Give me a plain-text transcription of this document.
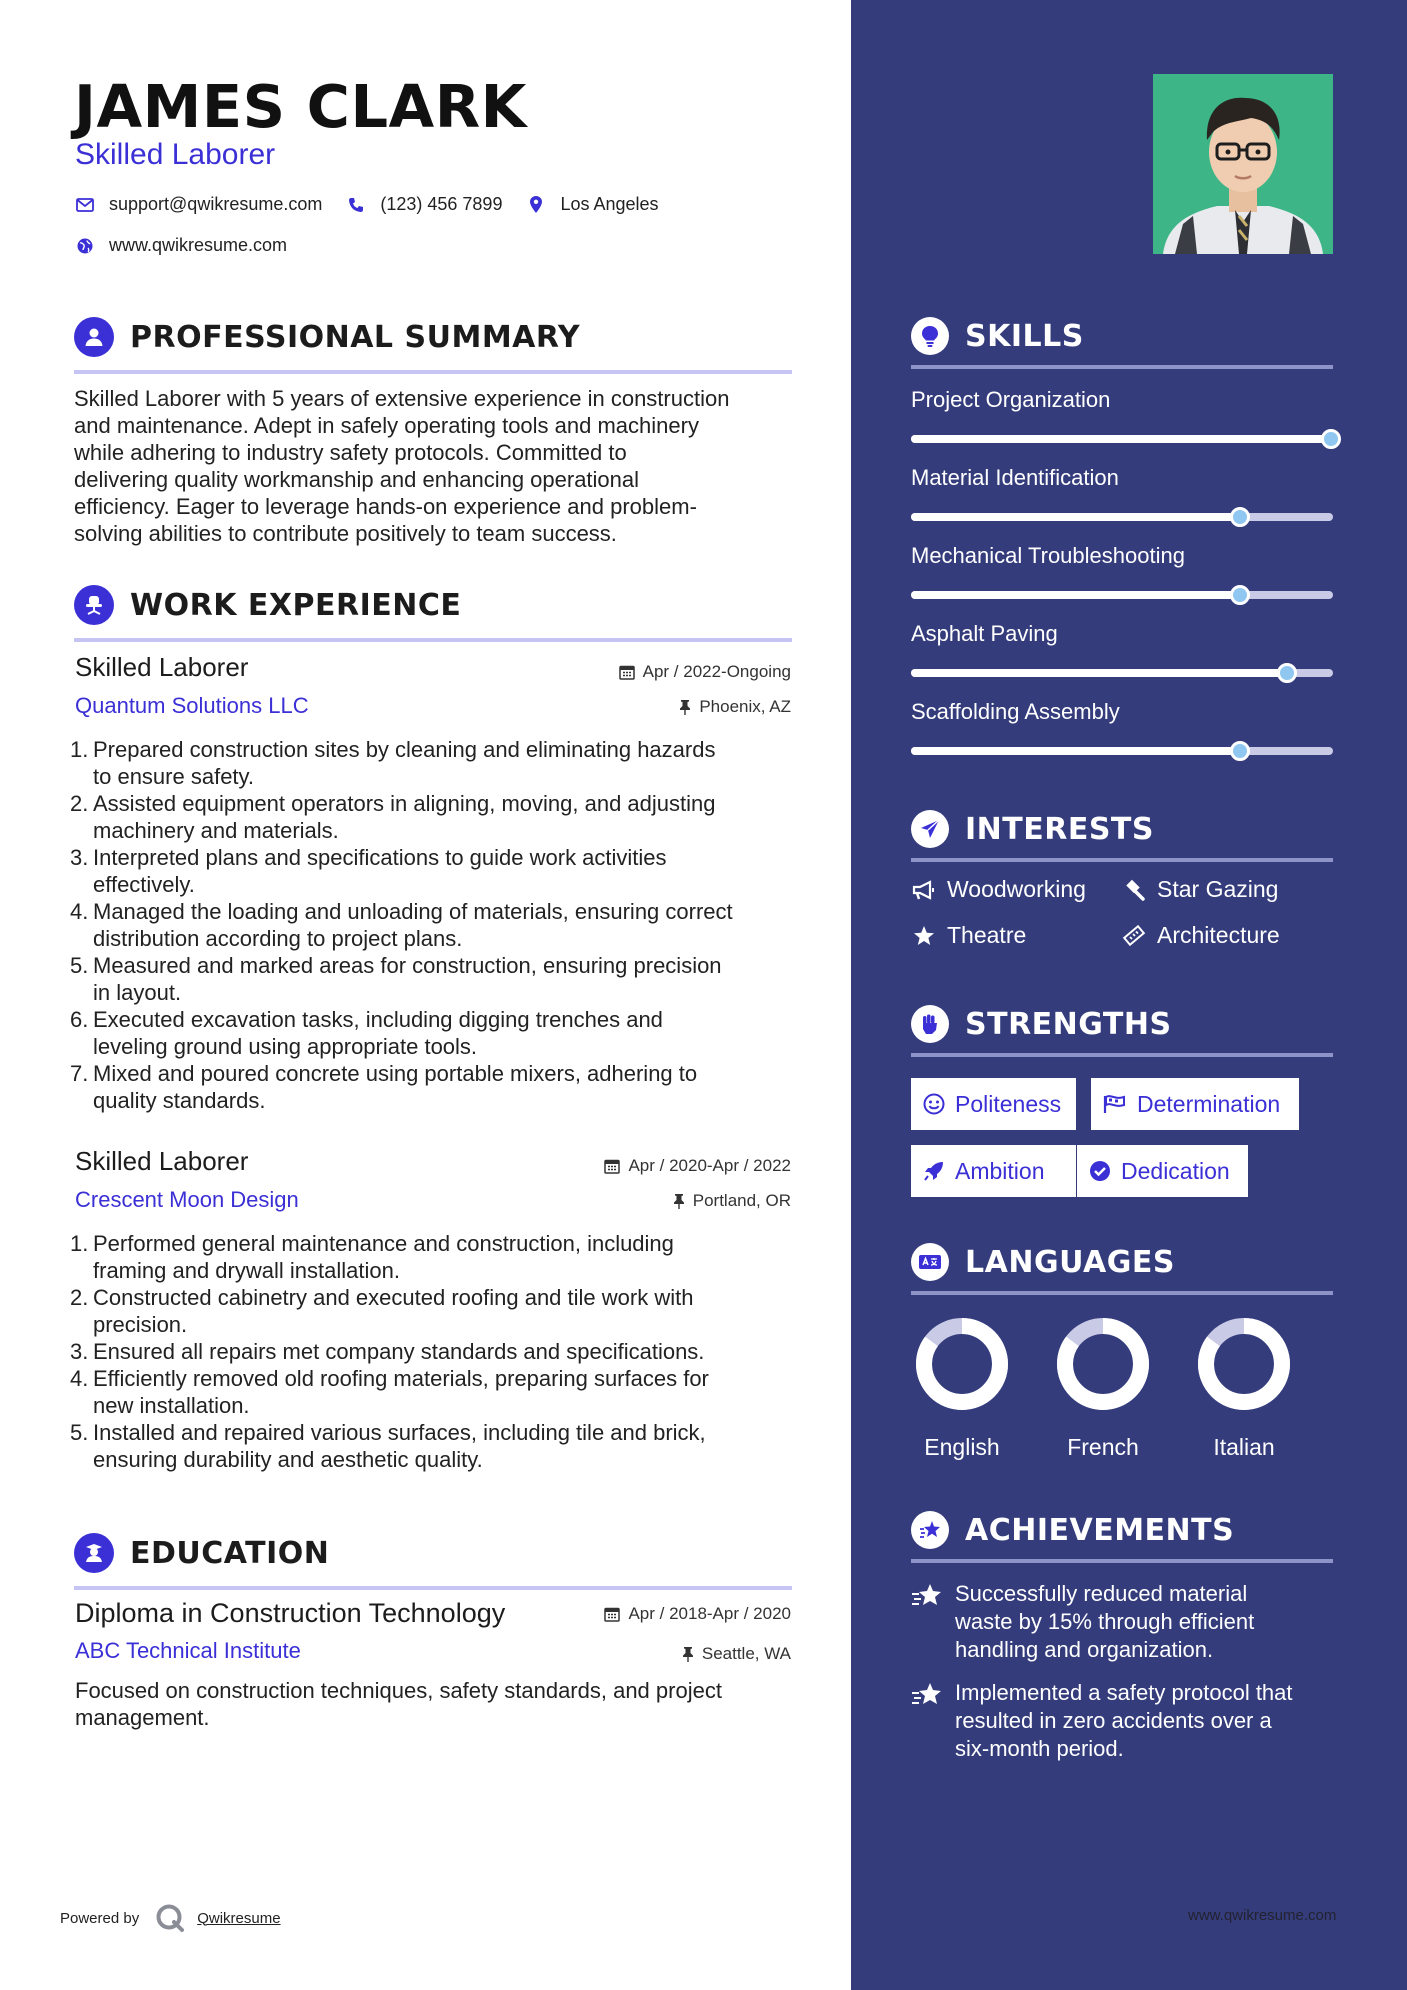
JAMES CLARK
Skilled Laborer
support@qwikresume.com	(123) 456 7899	Los Angeles
www.qwikresume.com
PROFESSIONAL SUMMARY
Skilled Laborer with 5 years of extensive experience in construction
and maintenance. Adept in safely operating tools and machinery
while adhering to industry safety protocols. Committed to
delivering quality workmanship and enhancing operational
efficiency. Eager to leverage hands-on experience and problem-
solving abilities to contribute positively to team success.
WORK EXPERIENCE
Skilled Laborer	Apr / 2022-Ongoing
Quantum Solutions LLC	Phoenix, AZ
1. Prepared construction sites by cleaning and eliminating hazards
to ensure safety.
2. Assisted equipment operators in aligning, moving, and adjusting
machinery and materials.
3. Interpreted plans and specifications to guide work activities
effectively.
4. Managed the loading and unloading of materials, ensuring correct
distribution according to project plans.
5. Measured and marked areas for construction, ensuring precision
in layout.
6. Executed excavation tasks, including digging trenches and
leveling ground using appropriate tools.
7. Mixed and poured concrete using portable mixers, adhering to
quality standards.
Skilled Laborer	Apr / 2020-Apr / 2022
Crescent Moon Design	Portland, OR
1. Performed general maintenance and construction, including
framing and drywall installation.
2. Constructed cabinetry and executed roofing and tile work with
precision.
3. Ensured all repairs met company standards and specifications.
4. Efficiently removed old roofing materials, preparing surfaces for
new installation.
5. Installed and repaired various surfaces, including tile and brick,
ensuring durability and aesthetic quality.
EDUCATION
Diploma in Construction Technology	Apr / 2018-Apr / 2020
ABC Technical Institute	Seattle, WA
Focused on construction techniques, safety standards, and project
management.
SKILLS
Project Organization
Material Identification
Mechanical Troubleshooting
Asphalt Paving
Scaffolding Assembly
INTERESTS
Woodworking	Star Gazing
Theatre	Architecture
STRENGTHS
Politeness	Determination
Ambition	Dedication
LANGUAGES
English	French	Italian
ACHIEVEMENTS
Successfully reduced material
waste by 15% through efficient
handling and organization.
Implemented a safety protocol that
resulted in zero accidents over a
six-month period.
Powered by	Qwikresume	www.qwikresume.com
